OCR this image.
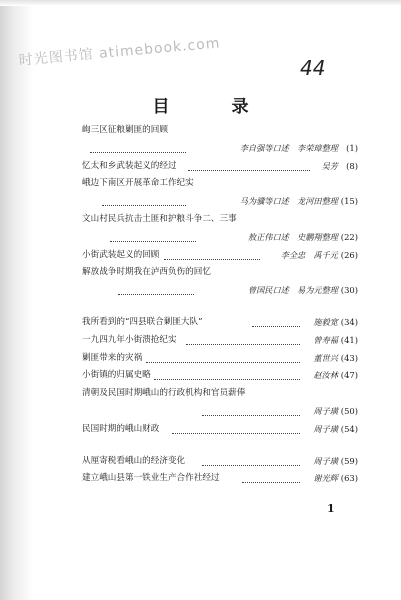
时光图书馆 atimebook.com	44
目 录
岣三区征粮剿匪的回顾
李自强等口述　李荣璋整理 (1)
忆太和乡武装起义的经过	吴芳 (8)
峨边下南区开展革命工作纪实
马为骥等口述　龙河田整理 (15)
文山村民兵抗击土匪和护粮斗争二、三事
敖正伟口述　史鹏翔整理 (22)
小街武装起义的回顾	李全忠　禹千元 (26)
解放战争时期我在泸西负伤的回忆
曾国民口述　易为元整理 (30)
我所看到的“四县联合剿匪大队”	施毅宽 (34)
一九四九年小街溃抢纪实	曾寿福 (41)
剿匪带来的灾祸	董世兴 (43)
小街镇的归属史略	赵汝林 (47)
清朝及民国时期峨山的行政机构和官员薪俸
周子璜 (50)
民国时期的峨山财政	周子璜 (54)
从厘寄税看峨山的经济变化	周子璜 (59)
建立峨山县第一铁业生产合作社经过	谢光辉 (63)
1
